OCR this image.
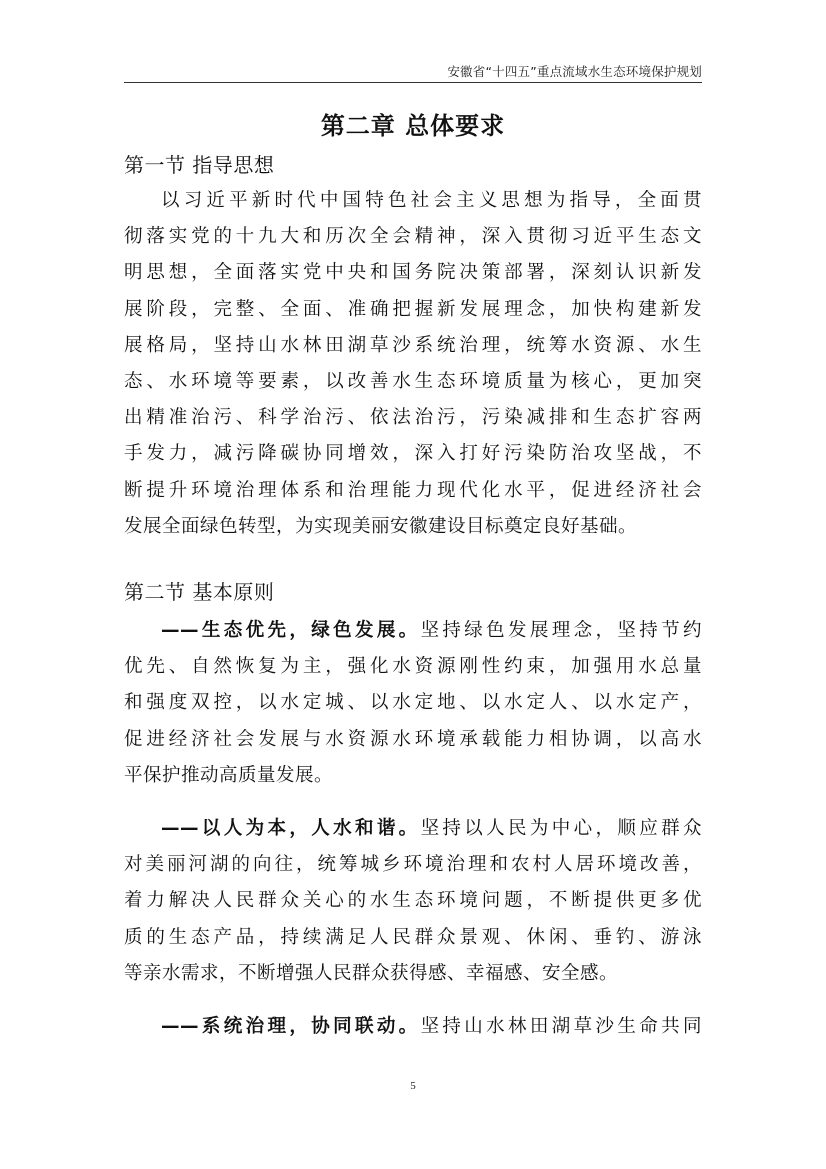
安徽省“十四五”重点流域水生态环境保护规划
第二章 总体要求
第一节 指导思想
以习近平新时代中国特色社会主义思想为指导，全面贯
彻落实党的十九大和历次全会精神，深入贯彻习近平生态文
明思想，全面落实党中央和国务院决策部署，深刻认识新发
展阶段，完整、全面、准确把握新发展理念，加快构建新发
展格局，坚持山水林田湖草沙系统治理，统筹水资源、水生
态、水环境等要素，以改善水生态环境质量为核心，更加突
出精准治污、科学治污、依法治污，污染减排和生态扩容两
手发力，减污降碳协同增效，深入打好污染防治攻坚战，不
断提升环境治理体系和治理能力现代化水平，促进经济社会
发展全面绿色转型，为实现美丽安徽建设目标奠定良好基础。
第二节 基本原则
——生态优先，绿色发展。坚持绿色发展理念，坚持节约
优先、自然恢复为主，强化水资源刚性约束，加强用水总量
和强度双控，以水定城、以水定地、以水定人、以水定产，
促进经济社会发展与水资源水环境承载能力相协调，以高水
平保护推动高质量发展。
——以人为本，人水和谐。坚持以人民为中心，顺应群众
对美丽河湖的向往，统筹城乡环境治理和农村人居环境改善，
着力解决人民群众关心的水生态环境问题，不断提供更多优
质的生态产品，持续满足人民群众景观、休闲、垂钓、游泳
等亲水需求，不断增强人民群众获得感、幸福感、安全感。
——系统治理，协同联动。坚持山水林田湖草沙生命共同
5
